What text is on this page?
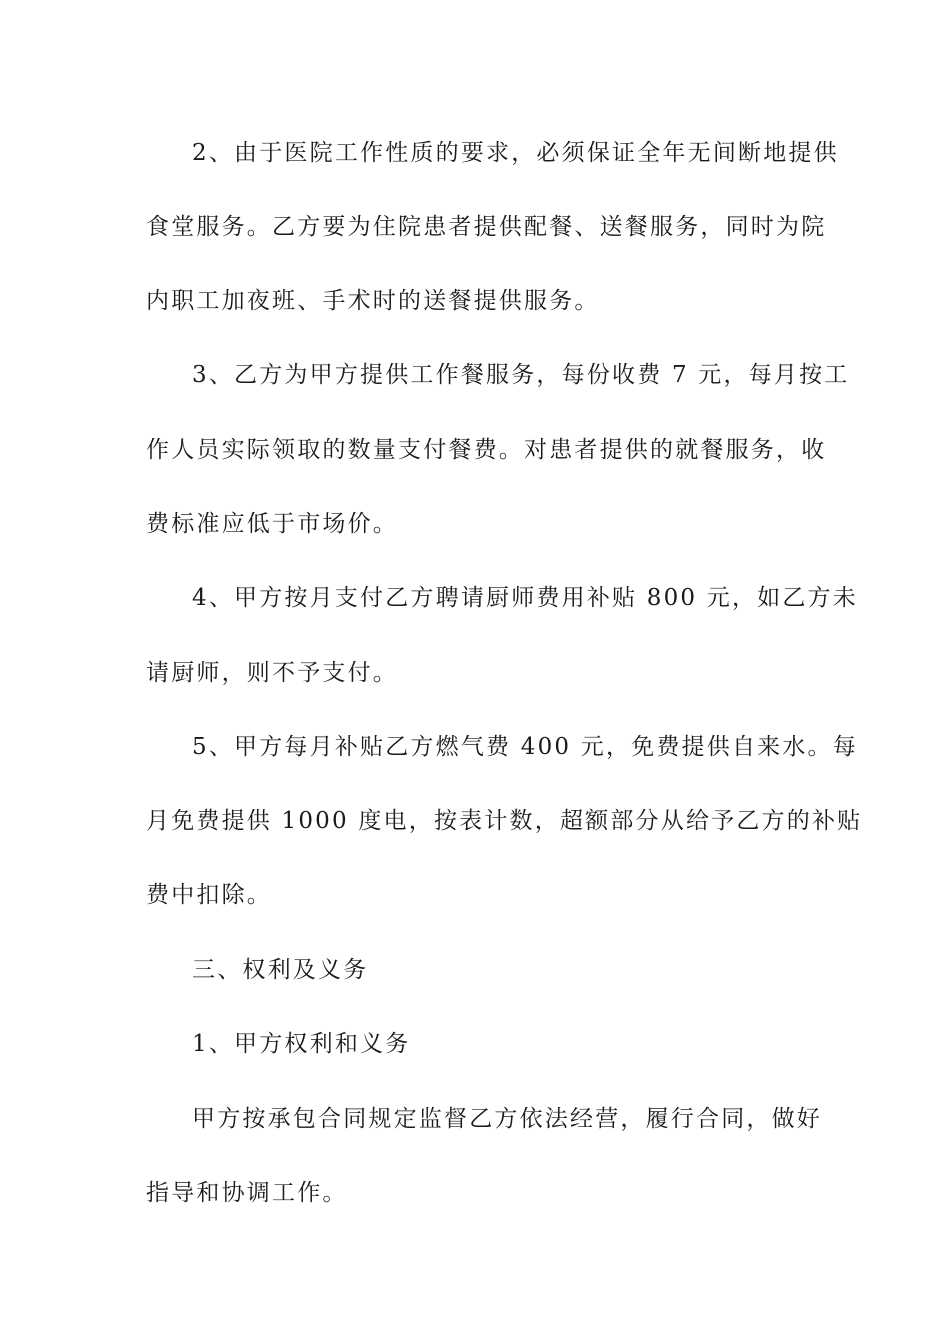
2、由于医院工作性质的要求，必须保证全年无间断地提供
食堂服务。乙方要为住院患者提供配餐、送餐服务，同时为院
内职工加夜班、手术时的送餐提供服务。
3、乙方为甲方提供工作餐服务，每份收费 7 元，每月按工
作人员实际领取的数量支付餐费。对患者提供的就餐服务，收
费标准应低于市场价。
4、甲方按月支付乙方聘请厨师费用补贴 800 元，如乙方未
请厨师，则不予支付。
5、甲方每月补贴乙方燃气费 400 元，免费提供自来水。每
月免费提供 1000 度电，按表计数，超额部分从给予乙方的补贴
费中扣除。
三、权利及义务
1、甲方权利和义务
甲方按承包合同规定监督乙方依法经营，履行合同，做好
指导和协调工作。
